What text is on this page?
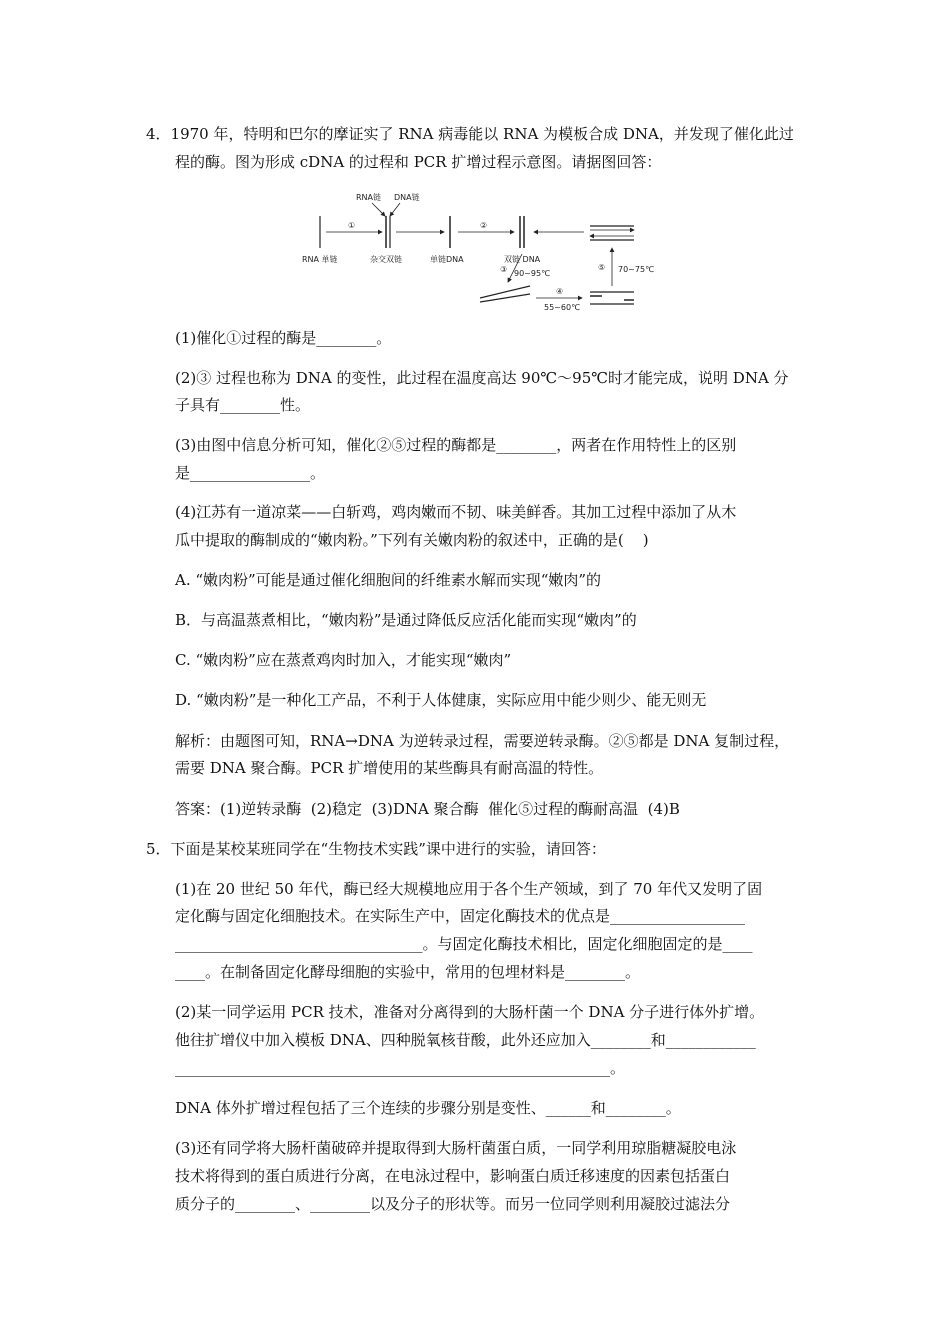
4．1970 年，特明和巴尔的摩证实了 RNA 病毒能以 RNA 为模板合成 DNA，并发现了催化此过
程的酶。图为形成 cDNA 的过程和 PCR 扩增过程示意图。请据图回答：
RNA链 DNA链
RNA 单链
①
杂交双链	单链DNA
②
双链 DNA
③ 90~95℃
④
55~60℃
⑤ 70~75℃
(1)催化①过程的酶是________。
(2)③ 过程也称为 DNA 的变性，此过程在温度高达 90℃～95℃时才能完成，说明 DNA 分
子具有________性。
(3)由图中信息分析可知，催化②⑤过程的酶都是________，两者在作用特性上的区别
是________________。
(4)江苏有一道凉菜——白斩鸡，鸡肉嫩而不韧、味美鲜香。其加工过程中添加了从木
瓜中提取的酶制成的“嫩肉粉。”下列有关嫩肉粉的叙述中，正确的是(    )
A. “嫩肉粉”可能是通过催化细胞间的纤维素水解而实现“嫩肉”的
B．与高温蒸煮相比，“嫩肉粉”是通过降低反应活化能而实现“嫩肉”的
C. “嫩肉粉”应在蒸煮鸡肉时加入，才能实现“嫩肉”
D. “嫩肉粉”是一种化工产品，不利于人体健康，实际应用中能少则少、能无则无
解析：由题图可知，RNA→DNA 为逆转录过程，需要逆转录酶。②⑤都是 DNA 复制过程，
需要 DNA 聚合酶。PCR 扩增使用的某些酶具有耐高温的特性。
答案：(1)逆转录酶  (2)稳定  (3)DNA 聚合酶  催化⑤过程的酶耐高温  (4)B
5．下面是某校某班同学在“生物技术实践”课中进行的实验，请回答：
(1)在 20 世纪 50 年代，酶已经大规模地应用于各个生产领域，到了 70 年代又发明了固
定化酶与固定化细胞技术。在实际生产中，固定化酶技术的优点是__________________
_________________________________。与固定化酶技术相比，固定化细胞固定的是____
____。在制备固定化酵母细胞的实验中，常用的包埋材料是________。
(2)某一同学运用 PCR 技术，准备对分离得到的大肠杆菌一个 DNA 分子进行体外扩增。
他往扩增仪中加入模板 DNA、四种脱氧核苷酸，此外还应加入________和____________
__________________________________________________________。
DNA 体外扩增过程包括了三个连续的步骤分别是变性、______和________。
(3)还有同学将大肠杆菌破碎并提取得到大肠杆菌蛋白质，一同学利用琼脂糖凝胶电泳
技术将得到的蛋白质进行分离，在电泳过程中，影响蛋白质迁移速度的因素包括蛋白
质分子的________、________以及分子的形状等。而另一位同学则利用凝胶过滤法分
